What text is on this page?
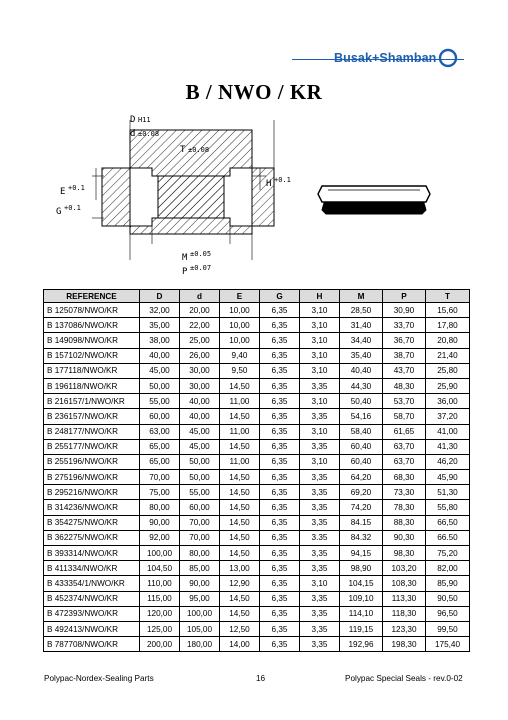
Busak+Shamban
B / NWO / KR
D H11
d ±0.08
T ±0.08
H +0.1
E +0.1
G +0.1
M ±0.05
P ±0.07
REFERENCE	D	d	E	G	H	M	P	T
B 125078/NWO/KR	32,00	20,00	10,00	6,35	3,10	28,50	30,90	15,60
B 137086/NWO/KR	35,00	22,00	10,00	6,35	3,10	31,40	33,70	17,80
B 149098/NWO/KR	38,00	25,00	10,00	6,35	3,10	34,40	36,70	20,80
B 157102/NWO/KR	40,00	26,00	9,40	6,35	3,10	35,40	38,70	21,40
B 177118/NWO/KR	45,00	30,00	9,50	6,35	3,10	40,40	43,70	25,80
B 196118/NWO/KR	50,00	30,00	14,50	6,35	3,35	44,30	48,30	25,90
B 216157/1/NWO/KR	55,00	40,00	11,00	6,35	3,10	50,40	53,70	36,00
B 236157/NWO/KR	60,00	40,00	14,50	6,35	3,35	54,16	58,70	37,20
B 248177/NWO/KR	63,00	45,00	11,00	6,35	3,10	58,40	61,65	41,00
B 255177/NWO/KR	65,00	45,00	14,50	6,35	3,35	60,40	63,70	41,30
B 255196/NWO/KR	65,00	50,00	11,00	6,35	3,10	60,40	63,70	46,20
B 275196/NWO/KR	70,00	50,00	14,50	6,35	3,35	64,20	68,30	45,90
B 295216/NWO/KR	75,00	55,00	14,50	6,35	3,35	69,20	73,30	51,30
B 314236/NWO/KR	80,00	60,00	14,50	6,35	3,35	74,20	78,30	55,80
B 354275/NWO/KR	90,00	70,00	14,50	6,35	3,35	84.15	88,30	66,50
B 362275/NWO/KR	92,00	70,00	14,50	6,35	3.35	84.32	90,30	66.50
B 393314/NWO/KR	100,00	80,00	14,50	6,35	3,35	94,15	98,30	75,20
B 411334/NWO/KR	104,50	85,00	13,00	6,35	3,35	98,90	103,20	82,00
B 433354/1/NWO/KR	110,00	90,00	12,90	6,35	3,10	104,15	108,30	85,90
B 452374/NWO/KR	115,00	95,00	14,50	6,35	3,35	109,10	113,30	90,50
B 472393/NWO/KR	120,00	100,00	14,50	6,35	3,35	114,10	118,30	96,50
B 492413/NWO/KR	125,00	105,00	12,50	6,35	3,35	119,15	123,30	99,50
B 787708/NWO/KR	200,00	180,00	14,00	6,35	3,35	192,96	198,30	175,40
Polypac-Nordex-Sealing Parts	16	Polypac Special Seals - rev.0-02
